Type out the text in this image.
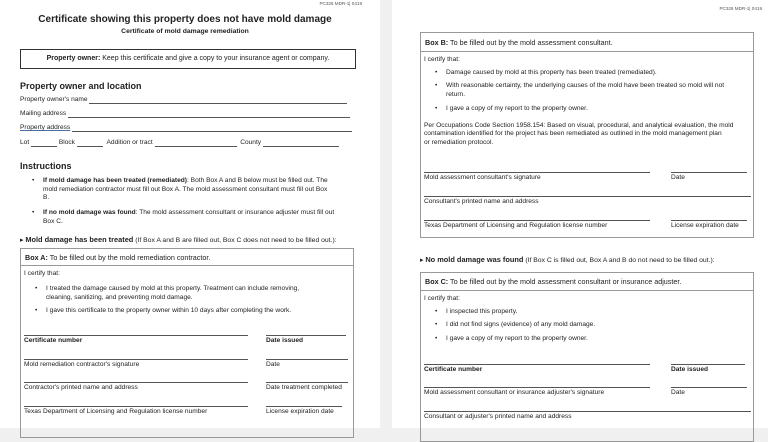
PC326 MDR-1| 0419
Certificate showing this property does not have mold damage
Certificate of mold damage remediation
Property owner: Keep this certificate and give a copy to your insurance agent or company.
Property owner and location
Property owner's name
Mailing address
Property address
Lot	Block	Addition or tract	County
Instructions
• If mold damage has been treated (remediated): Both Box A and B below must be filled out. The
mold remediation contractor must fill out Box A. The mold assessment consultant must fill out Box
B.
• If no mold damage was found: The mold assessment consultant or insurance adjuster must fill out
Box C.
▸ Mold damage has been treated (If Box A and B are filled out, Box C does not need to be filled out.):
Box A: To be filled out by the mold remediation contractor.
I certify that:
• I treated the damage caused by mold at this property. Treatment can include removing,
cleaning, sanitizing, and preventing mold damage.
• I gave this certificate to the property owner within 10 days after completing the work.
Certificate number	Date issued
Mold remediation contractor's signature	Date
Contractor's printed name and address	Date treatment completed
Texas Department of Licensing and Regulation license number	License expiration date
PC326 MDR-1| 0419
Box B: To be filled out by the mold assessment consultant.
I certify that:
• Damage caused by mold at this property has been treated (remediated).
• With reasonable certainty, the underlying causes of the mold have been treated so mold will not
return.
• I gave a copy of my report to the property owner.
Per Occupations Code Section 1958.154: Based on visual, procedural, and analytical evaluation, the mold
contamination identified for the project has been remediated as outlined in the mold management plan
or remediation protocol.
Mold assessment consultant's signature	Date
Consultant's printed name and address
Texas Department of Licensing and Regulation license number	License expiration date
▸ No mold damage was found (If Box C is filled out, Box A and B do not need to be filled out.):
Box C: To be filled out by the mold assessment consultant or insurance adjuster.
I certify that:
• I inspected this property.
• I did not find signs (evidence) of any mold damage.
• I gave a copy of my report to the property owner.
Certificate number	Date issued
Mold assessment consultant or insurance adjuster's signature	Date
Consultant or adjuster's printed name and address
